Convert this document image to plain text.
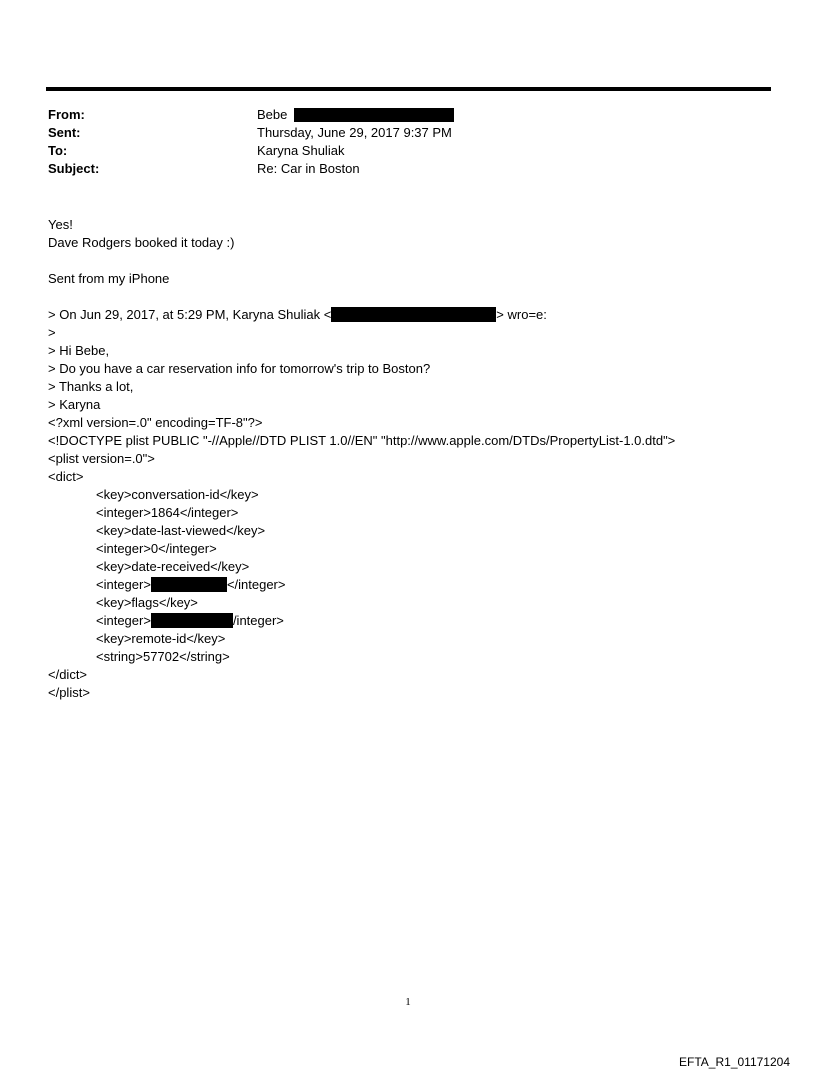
From:	Bebe
Sent:	Thursday, June 29, 2017 9:37 PM
To:	Karyna Shuliak
Subject:	Re: Car in Boston
Yes!
Dave Rodgers booked it today :)
Sent from my iPhone
> On Jun 29, 2017, at 5:29 PM, Karyna Shuliak <	> wro=e:
>
> Hi Bebe,
> Do you have a car reservation info for tomorrow's trip to Boston?
> Thanks a lot,
> Karyna
<?xml version=.0" encoding=TF-8"?>
<!DOCTYPE plist PUBLIC "-//Apple//DTD PLIST 1.0//EN" "http://www.apple.com/DTDs/PropertyList-1.0.dtd">
<plist version=.0">
<dict>
<key>conversation-id</key>
<integer>1864</integer>
<key>date-last-viewed</key>
<integer>0</integer>
<key>date-received</key>
<integer>	</integer>
<key>flags</key>
<integer>	/integer>
<key>remote-id</key>
<string>57702</string>
</dict>
</plist>
1
EFTA_R1_01171204
